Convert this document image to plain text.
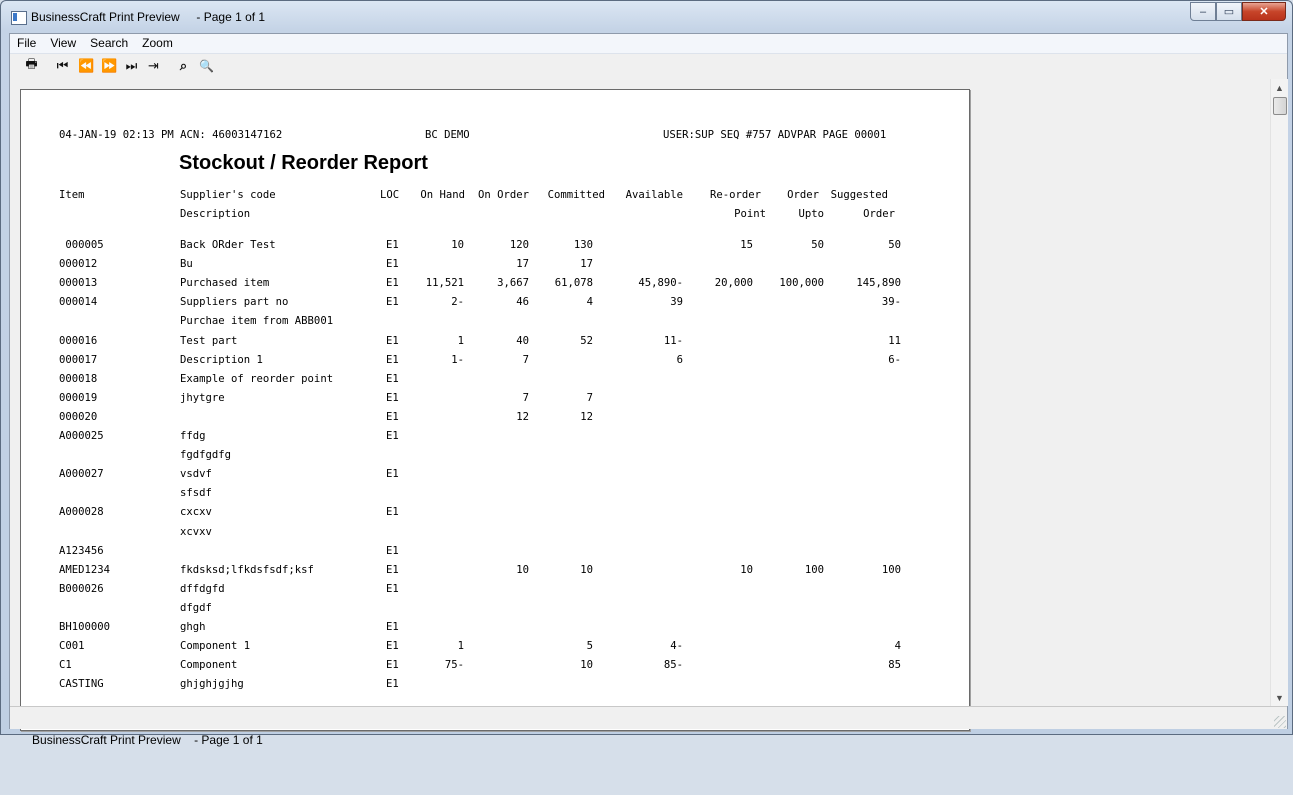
BusinessCraft Print Preview     - Page 1 of 1	‒	▭	✕
File	View	Search	Zoom
🖶	⏮	⏪ ⏩ ⏭	⇥	⌕	🔍
04-JAN-19 02:13 PM ACN: 46003147162	BC DEMO	USER:SUP SEQ #757 ADVPAR PAGE 00001
Stockout / Reorder Report
Item	Supplier's code	LOC	On Hand	On Order	Committed	Available	Re-order	Order	Suggested
Description	Point	Upto	Order
000005	Back ORder Test	E1	10	120	130	15	50	50
000012	Bu	E1	17	17
000013	Purchased item	E1	11,521	3,667	61,078	45,890-	20,000	100,000	145,890
000014	Suppliers part no	E1	2-	46	4	39	39-
Purchae item from ABB001
000016	Test part	E1	1	40	52	11-	11
000017	Description 1	E1	1-	7	6	6-
000018	Example of reorder point	E1
000019	jhytgre	E1	7	7
000020	E1	12	12
A000025	ffdg	E1
fgdfgdfg
A000027	vsdvf	E1
sfsdf
A000028	cxcxv	E1
xcvxv
A123456	E1
AMED1234	fkdsksd;lfkdsfsdf;ksf	E1	10	10	10	100	100
B000026	dffdgfd	E1
dfgdf
BH100000	ghgh	E1
C001	Component 1	E1	1	5	4-	4
C1	Component	E1	75-	10	85-	85
CASTING	ghjghjgjhg	E1
▲
▼

BusinessCraft Print Preview    - Page 1 of 1
